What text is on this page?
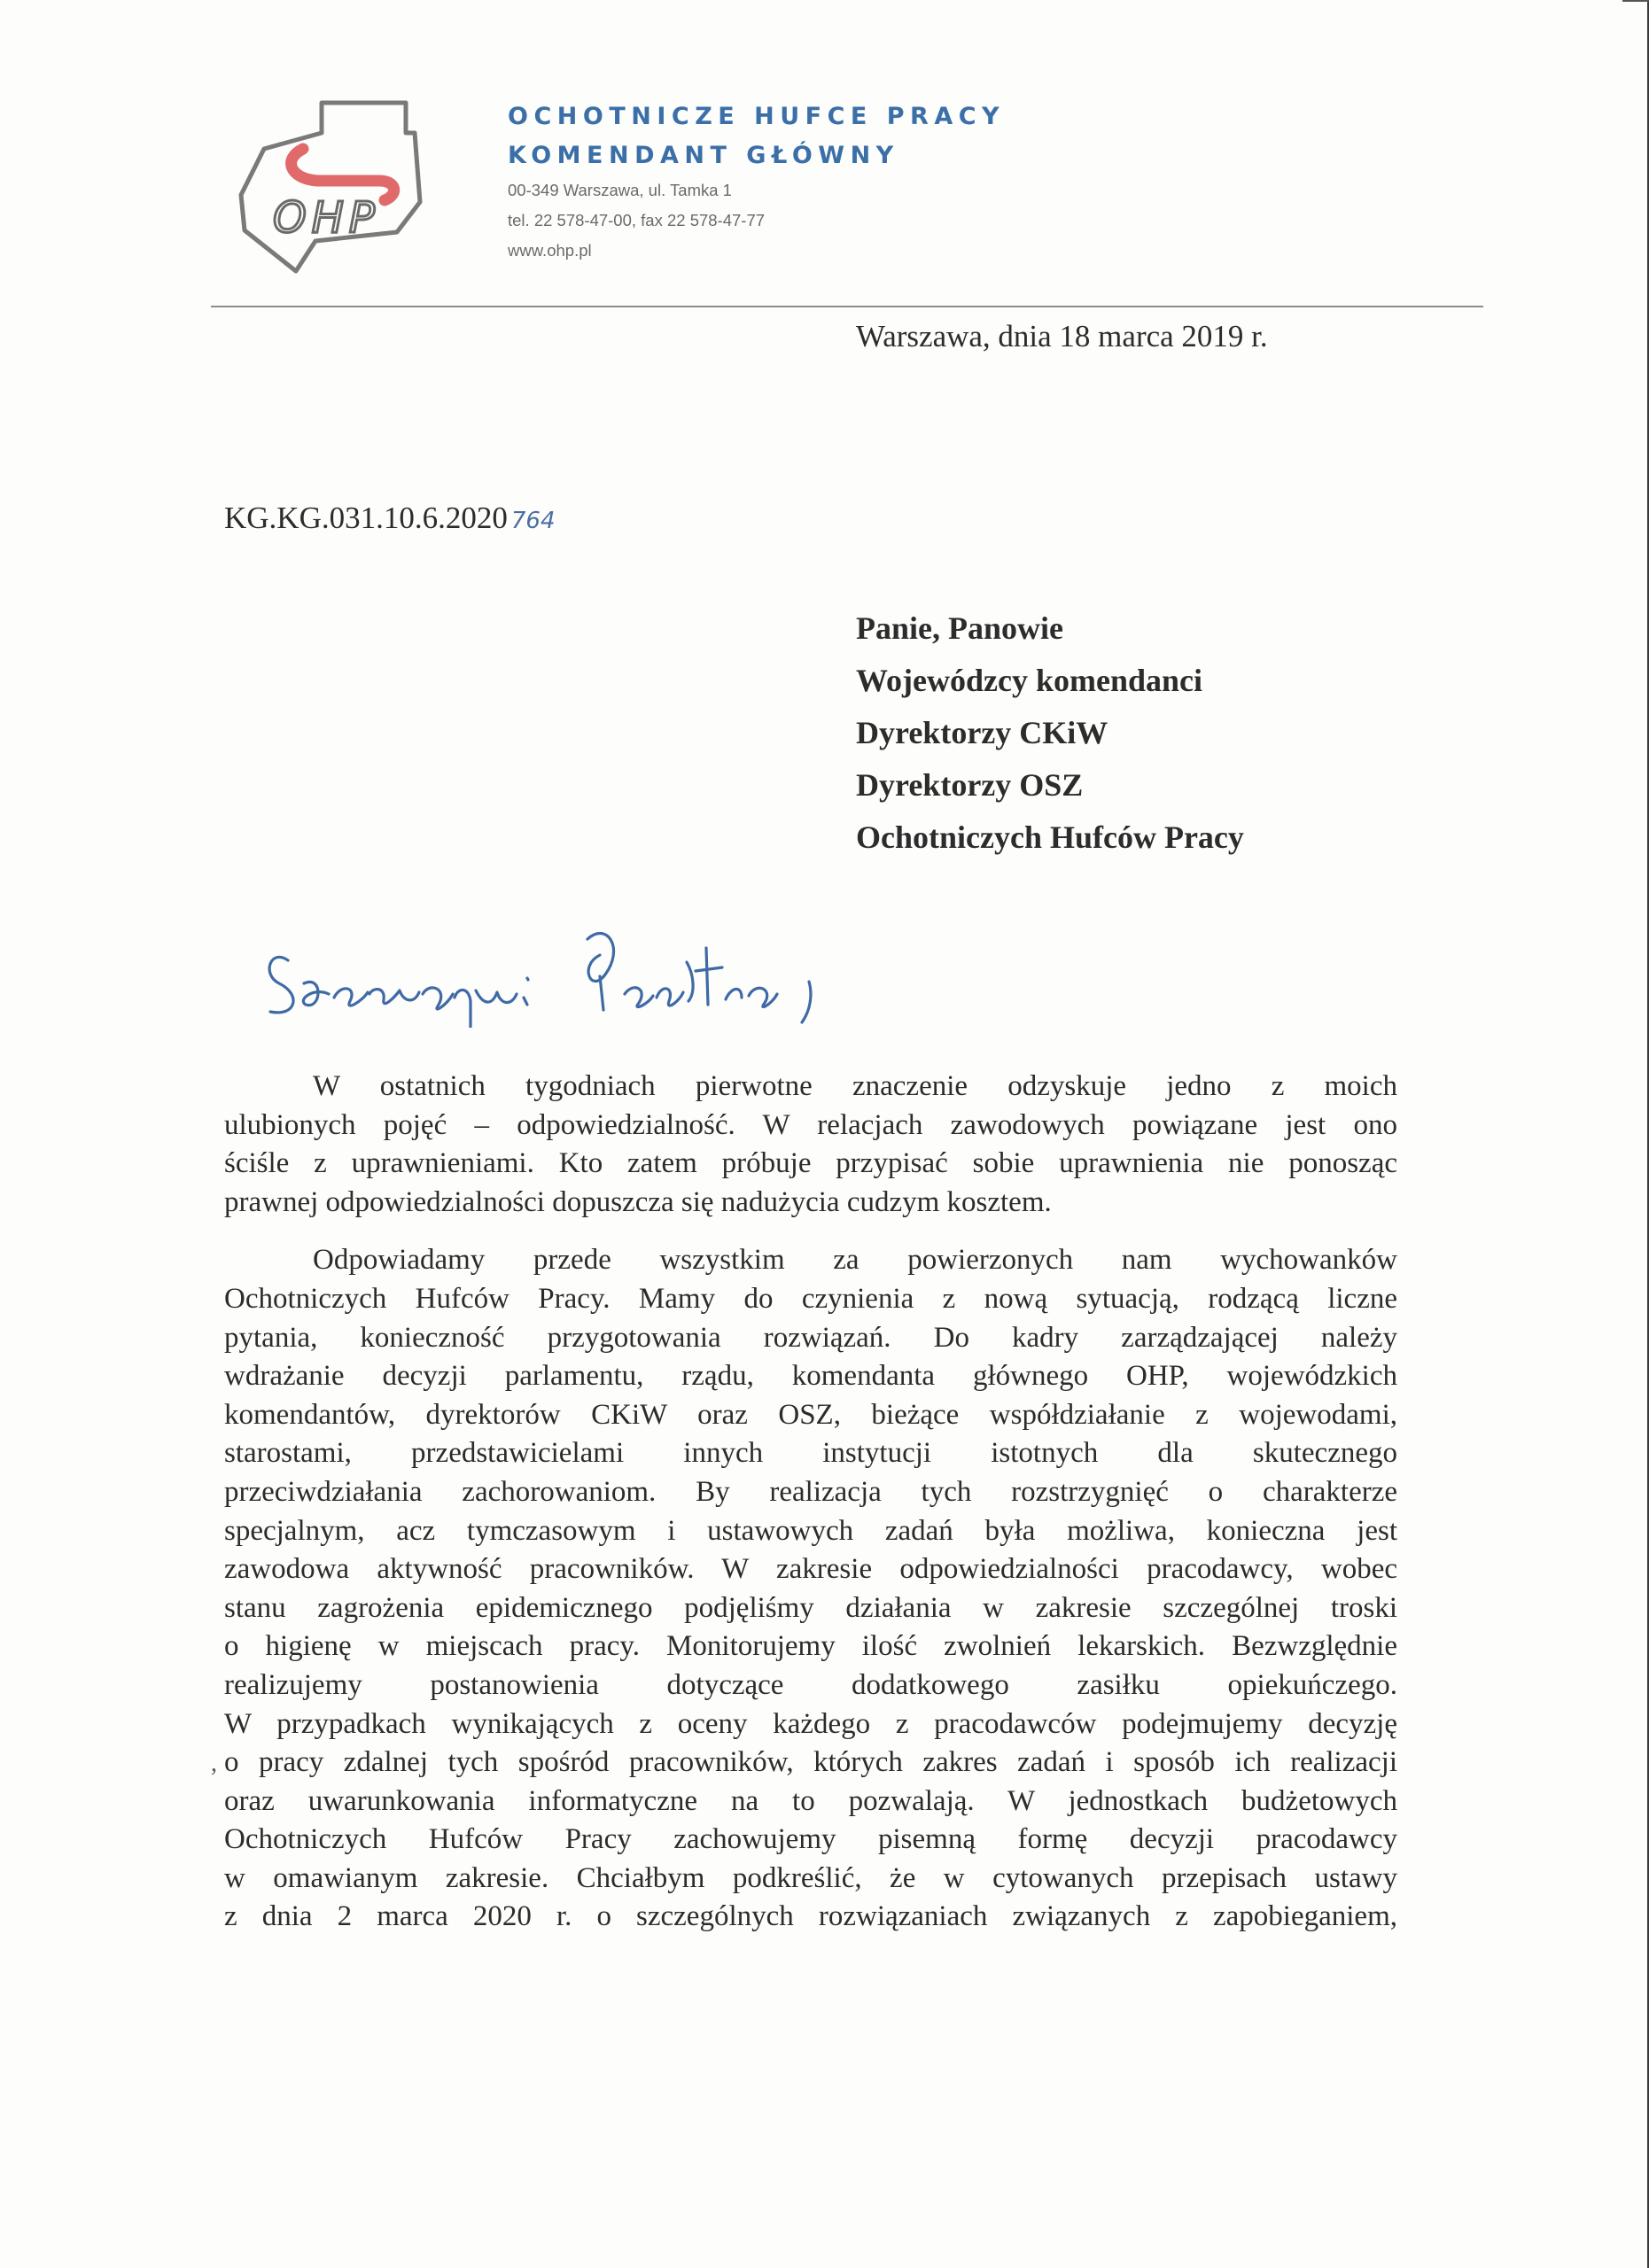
OHP
OCHOTNICZE HUFCE PRACY
KOMENDANT GŁÓWNY
00-349 Warszawa, ul. Tamka 1
tel. 22 578-47-00, fax 22 578-47-77
www.ohp.pl
Warszawa, dnia 18 marca 2019 r.
KG.KG.031.10.6.2020 764
Panie, Panowie
Wojewódzcy komendanci
Dyrektorzy CKiW
Dyrektorzy OSZ
Ochotniczych Hufców Pracy
W ostatnich tygodniach pierwotne znaczenie odzyskuje jedno z moich
ulubionych pojęć – odpowiedzialność. W relacjach zawodowych powiązane jest ono
ściśle z uprawnieniami. Kto zatem próbuje przypisać sobie uprawnienia nie ponosząc
prawnej odpowiedzialności dopuszcza się nadużycia cudzym kosztem.
Odpowiadamy przede wszystkim za powierzonych nam wychowanków
Ochotniczych Hufców Pracy. Mamy do czynienia z nową sytuacją, rodzącą liczne
pytania, konieczność przygotowania rozwiązań. Do kadry zarządzającej należy
wdrażanie decyzji parlamentu, rządu, komendanta głównego OHP, wojewódzkich
komendantów, dyrektorów CKiW oraz OSZ, bieżące współdziałanie z wojewodami,
starostami, przedstawicielami innych instytucji istotnych dla skutecznego
przeciwdziałania zachorowaniom. By realizacja tych rozstrzygnięć o charakterze
specjalnym, acz tymczasowym i ustawowych zadań była możliwa, konieczna jest
zawodowa aktywność pracowników. W zakresie odpowiedzialności pracodawcy, wobec
stanu zagrożenia epidemicznego podjęliśmy działania w zakresie szczególnej troski
o higienę w miejscach pracy. Monitorujemy ilość zwolnień lekarskich. Bezwzględnie
realizujemy postanowienia dotyczące dodatkowego zasiłku opiekuńczego.
W przypadkach wynikających z oceny każdego z pracodawców podejmujemy decyzję
o pracy zdalnej tych spośród pracowników, których zakres zadań i sposób ich realizacji
oraz uwarunkowania informatyczne na to pozwalają. W jednostkach budżetowych
Ochotniczych Hufców Pracy zachowujemy pisemną formę decyzji pracodawcy
w omawianym zakresie. Chciałbym podkreślić, że w cytowanych przepisach ustawy
z dnia 2 marca 2020 r. o szczególnych rozwiązaniach związanych z zapobieganiem,
,
